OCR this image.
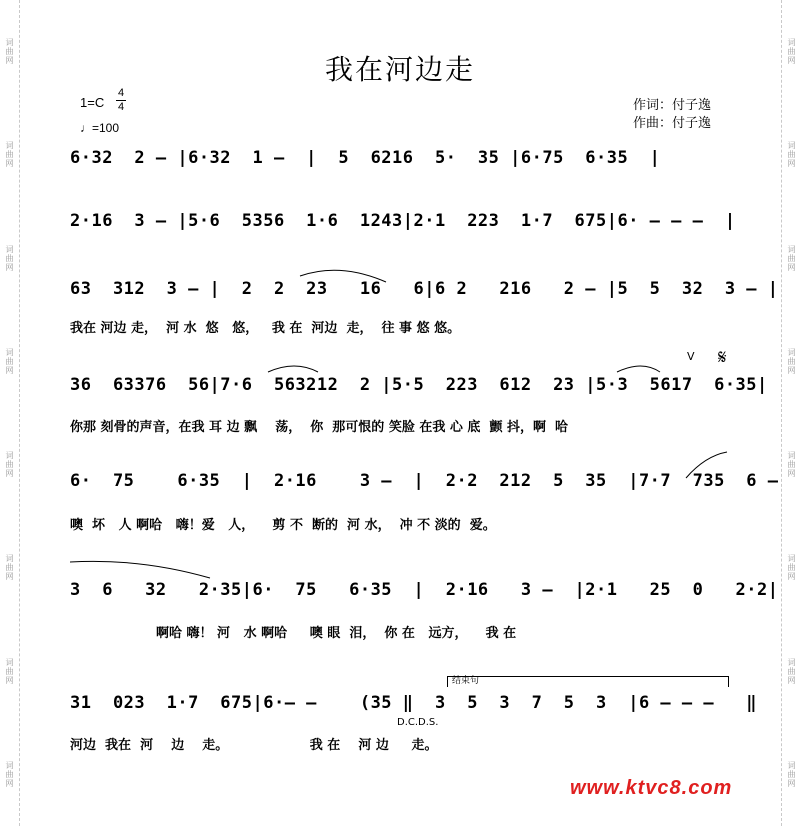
词曲网
词曲网
词曲网
词曲网
词曲网
词曲网
词曲网
词曲网
词曲网
词曲网
词曲网
词曲网
词曲网
词曲网
词曲网
词曲网
我在河边走
1=C
4
4
♩=100
作词：付子逸
作曲：付子逸
6·32  2 – |6·32  1 –  |  5  6216  5·  35 |6·75  6·35  |
2·16  3 – |5·6  5356  1·6  1243|2·1  223  1·7  675|6· – – –  |
63  312  3 – |  2  2  23   16   6|6 2   216   2 – |5  5  32  3 – |
我在 河边 走，  河 水  悠   悠，   我 在  河边  走，  往 事 悠 悠。
36  63376  56|7·6  563212  2 |5·5  223  612  23 |5·3  5617  6·35|
你那 刻骨的声音，在我 耳 边 飘    荡，  你  那可恨的 笑脸 在我 心 底  颤 抖，啊  哈
V 𝄋
6·  75    6·35  |  2·16    3 –  |  2·2  212  5  35  |7·7  735  6 –
噢  坏   人 啊哈   嗨！爱   人，    剪 不  断的  河 水，  冲 不 淡的  爱。
3  6   32   2·35|6·  75   6·35  |  2·16   3 –  |2·1   25  0   2·2|
啊哈 嗨！ 河   水 啊哈     噢 眼  泪，  你 在   远方，    我 在
结束句
31  023  1·7  675|6·– –    (35 ‖  3  5  3  7  5  3  |6 – – –   ‖
D.C.D.S.
河边  我在  河    边    走。                  我 在    河 边     走。
www.ktvc8.com
